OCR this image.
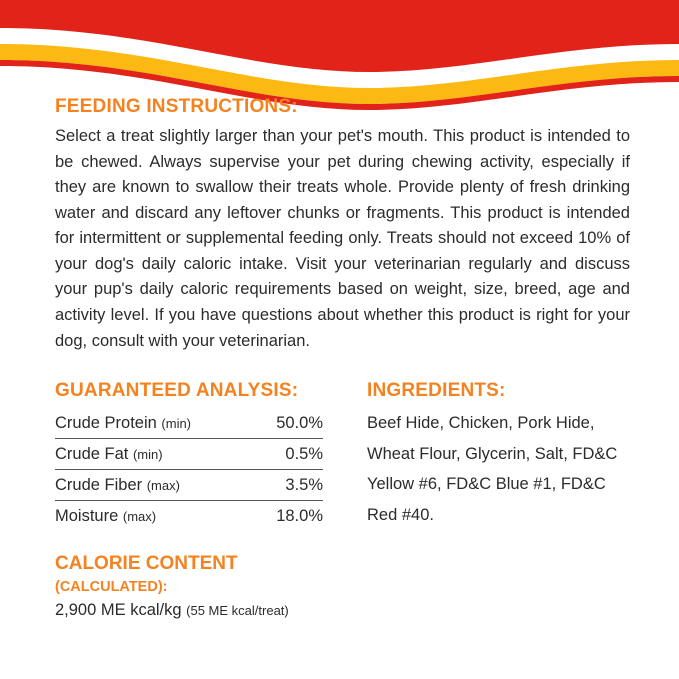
FEEDING INSTRUCTIONS:

Select a treat slightly larger than your pet's mouth. This product is intended to be chewed. Always supervise your pet during chewing activity, especially if they are known to swallow their treats whole. Provide plenty of fresh drinking water and discard any leftover chunks or fragments. This product is intended for intermittent or supplemental feeding only. Treats should not exceed 10% of your dog's daily caloric intake. Visit your veterinarian regularly and discuss your pup's daily caloric requirements based on weight, size, breed, age and activity level. If you have questions about whether this product is right for your dog, consult with your veterinarian.

GUARANTEED ANALYSIS:
Crude Protein (min)	50.0%
Crude Fat (min)	0.5%
Crude Fiber (max)	3.5%
Moisture (max)	18.0%
CALORIE CONTENT (CALCULATED):
2,900 ME kcal/kg (55 ME kcal/treat)
INGREDIENTS:

Beef Hide, Chicken, Pork Hide, Wheat Flour, Glycerin, Salt, FD&C Yellow #6, FD&C Blue #1, FD&C Red #40.
